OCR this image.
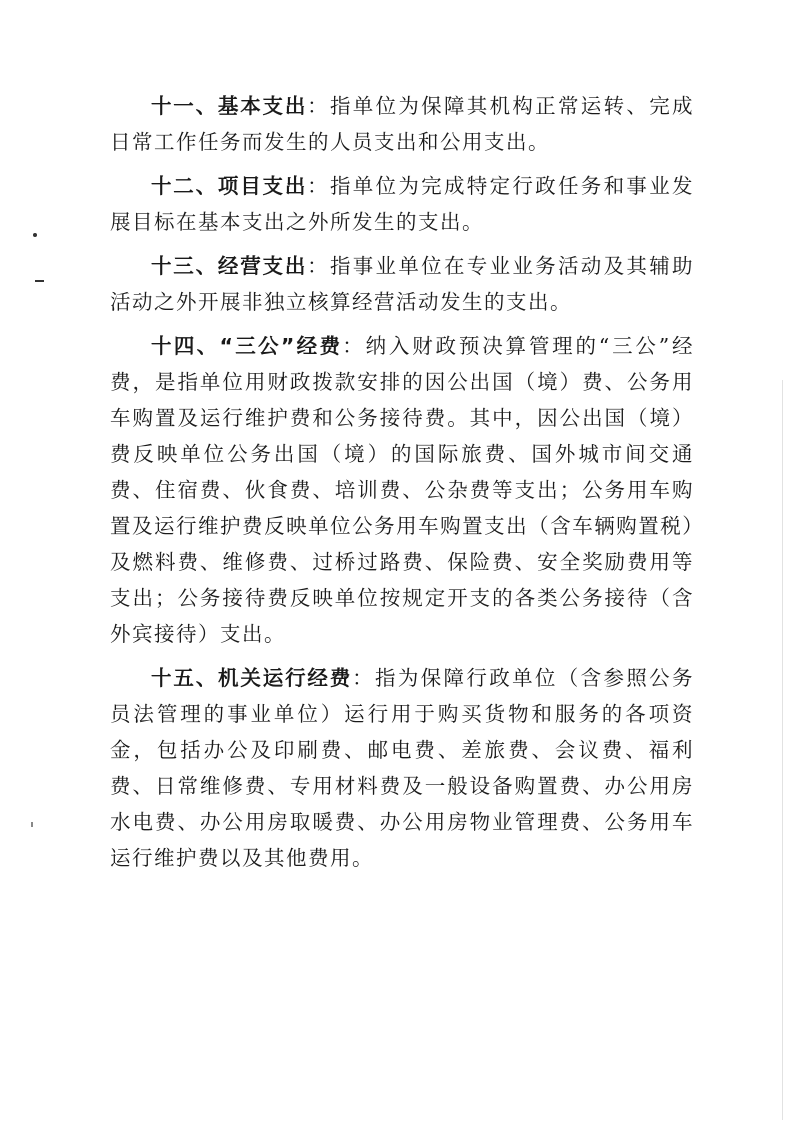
十一、基本支出：指单位为保障其机构正常运转、完成日常工作任务而发生的人员支出和公用支出。

十二、项目支出：指单位为完成特定行政任务和事业发展目标在基本支出之外所发生的支出。

十三、经营支出：指事业单位在专业业务活动及其辅助活动之外开展非独立核算经营活动发生的支出。

十四、“三公”经费：纳入财政预决算管理的“三公”经费，是指单位用财政拨款安排的因公出国（境）费、公务用车购置及运行维护费和公务接待费。其中，因公出国（境）费反映单位公务出国（境）的国际旅费、国外城市间交通费、住宿费、伙食费、培训费、公杂费等支出；公务用车购置及运行维护费反映单位公务用车购置支出（含车辆购置税）及燃料费、维修费、过桥过路费、保险费、安全奖励费用等支出；公务接待费反映单位按规定开支的各类公务接待（含外宾接待）支出。

十五、机关运行经费：指为保障行政单位（含参照公务员法管理的事业单位）运行用于购买货物和服务的各项资金，包括办公及印刷费、邮电费、差旅费、会议费、福利费、日常维修费、专用材料费及一般设备购置费、办公用房水电费、办公用房取暖费、办公用房物业管理费、公务用车运行维护费以及其他费用。
